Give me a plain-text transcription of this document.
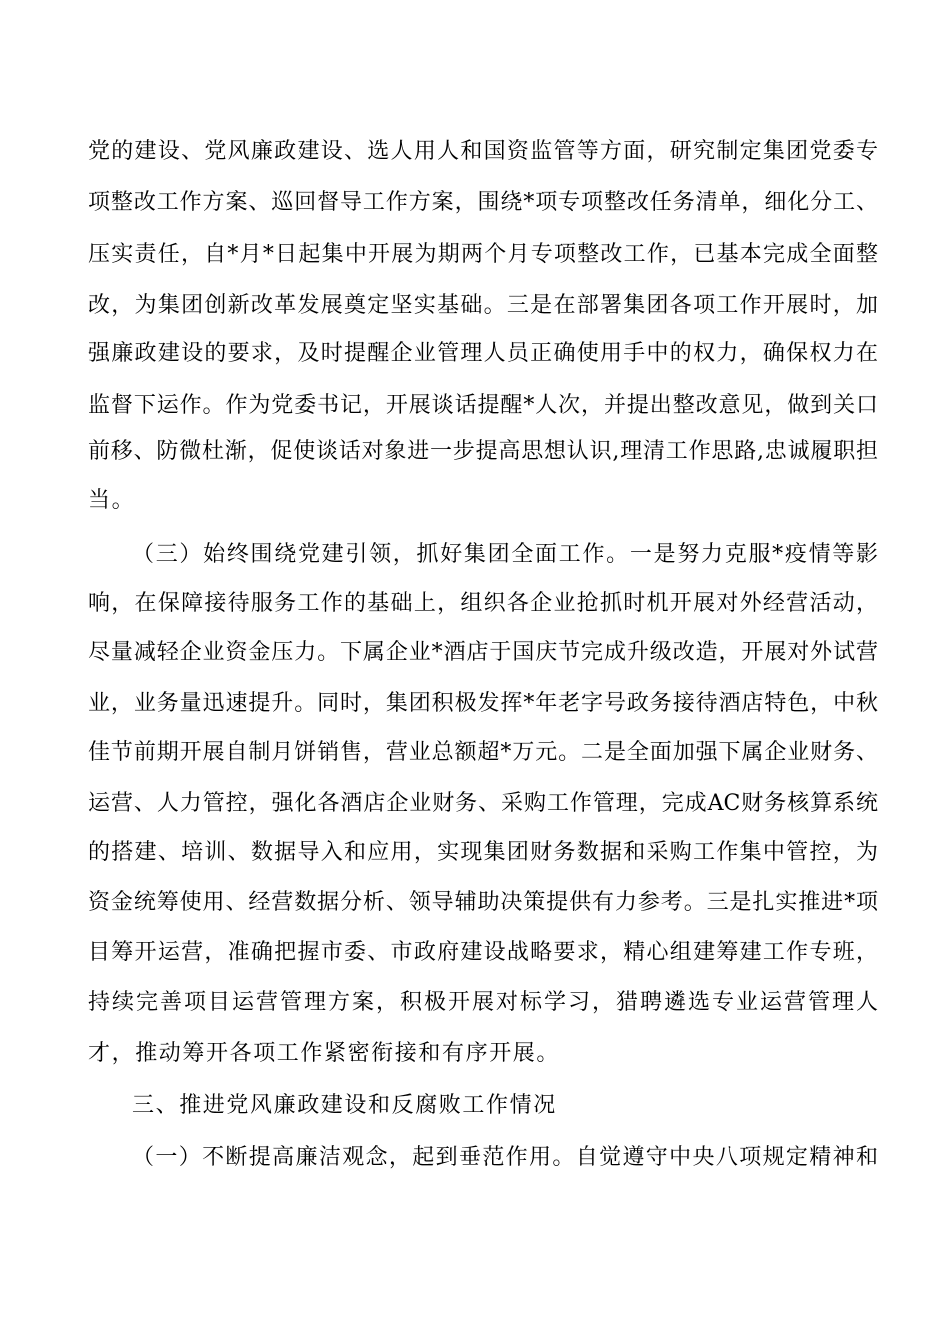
党的建设、党风廉政建设、选人用人和国资监管等方面，研究制定集团党委专
项整改工作方案、巡回督导工作方案，围绕*项专项整改任务清单，细化分工、
压实责任，自*月*日起集中开展为期两个月专项整改工作，已基本完成全面整
改，为集团创新改革发展奠定坚实基础。三是在部署集团各项工作开展时，加
强廉政建设的要求，及时提醒企业管理人员正确使用手中的权力，确保权力在
监督下运作。作为党委书记，开展谈话提醒*人次，并提出整改意见，做到关口
前移、防微杜渐，促使谈话对象进一步提高思想认识,理清工作思路,忠诚履职担
当。
（三）始终围绕党建引领，抓好集团全面工作。一是努力克服*疫情等影
响，在保障接待服务工作的基础上，组织各企业抢抓时机开展对外经营活动，
尽量减轻企业资金压力。下属企业*酒店于国庆节完成升级改造，开展对外试营
业，业务量迅速提升。同时，集团积极发挥*年老字号政务接待酒店特色，中秋
佳节前期开展自制月饼销售，营业总额超*万元。二是全面加强下属企业财务、
运营、人力管控，强化各酒店企业财务、采购工作管理，完成AC财务核算系统
的搭建、培训、数据导入和应用，实现集团财务数据和采购工作集中管控，为
资金统筹使用、经营数据分析、领导辅助决策提供有力参考。三是扎实推进*项
目筹开运营，准确把握市委、市政府建设战略要求，精心组建筹建工作专班，
持续完善项目运营管理方案，积极开展对标学习，猎聘遴选专业运营管理人
才，推动筹开各项工作紧密衔接和有序开展。
三、推进党风廉政建设和反腐败工作情况
（一）不断提高廉洁观念，起到垂范作用。自觉遵守中央八项规定精神和
